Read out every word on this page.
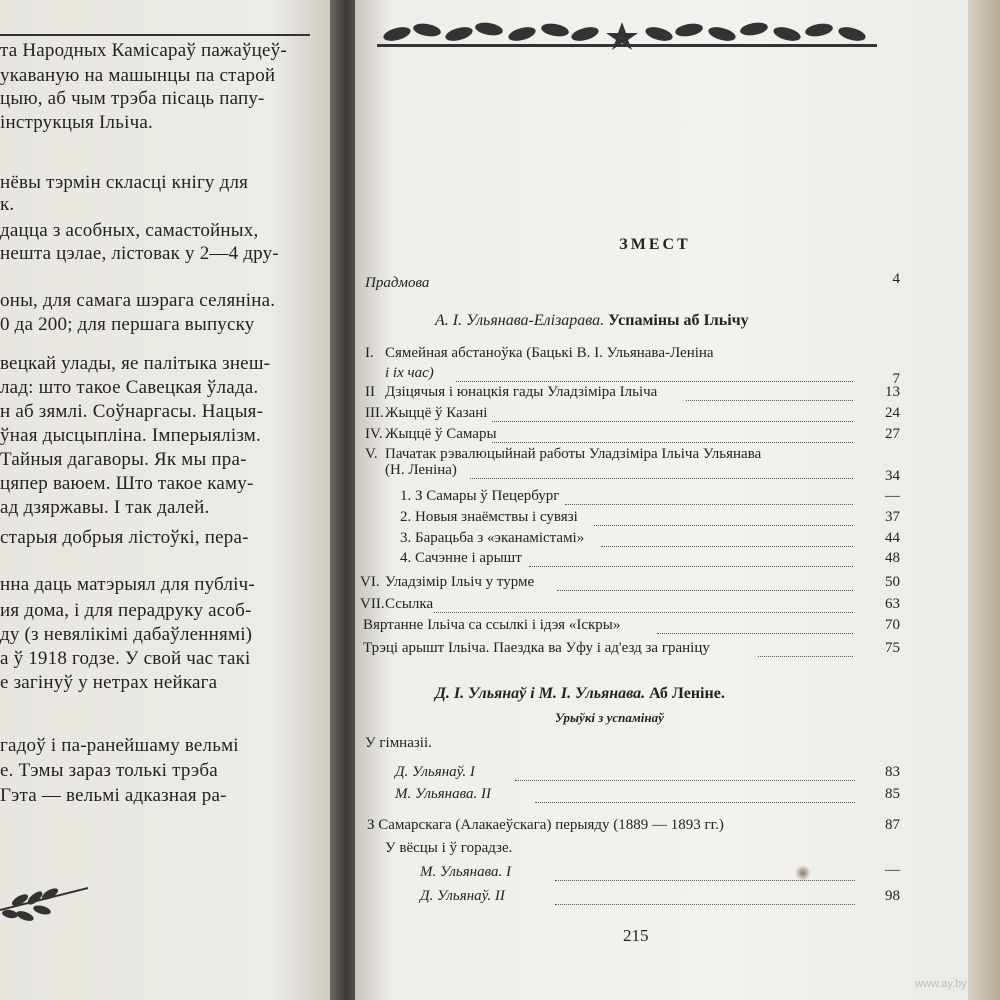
та Народных Камісараў пажаўцеў-
укаваную на машынцы па старой
цыю, аб чым трэба пісаць папу-
інструкцыя Ільіча.
нёвы тэрмін скласці кнігу для
к.
дацца з асобных, самастойных,
нешта цэлае, лістовак у 2—4 дру-
оны, для самага шэрага селяніна.
0 да 200; для першага выпуску
вецкай улады, яе палітыка знеш-
лад: што такое Савецкая ўлада.
н аб зямлі. Соўнаргасы. Нацыя-
ўная дысцыпліна. Імперыялізм.
Тайныя дагаворы. Як мы пра-
цяпер ваюем. Што такое каму-
ад дзяржавы. І так далей.
старыя добрыя лістоўкі, пера-
нна даць матэрыял для публіч-
ия дома, і для перадруку асоб-
ду (з невялікімі дабаўленнямі)
а ў 1918 годзе. У свой час такі
е загінуў у нетрах нейкага
гадоў і па-ранейшаму вельмі
е. Тэмы зараз толькі трэба
Гэта — вельмі адказная ра-
ЗМЕСТ
Прадмова	4
А. І. Ульянава-Елізарава. Успаміны аб Ільічу
I. Сямейная абстаноўка (Бацькі В. І. Ульянава-Леніна
і іх час)	7
II Дзіцячыя і юнацкія гады Уладзіміра Ільіча	13
III. Жыццё ў Казані	24
IV. Жыццё ў Самары	27
V. Пачатак рэвалюцыйнай работы Уладзіміра Ільіча Ульянава
(Н. Леніна)	34
1. З Самары ў Пецербург	—
2. Новыя знаёмствы і сувязі	37
3. Барацьба з «эканамістамі»	44
4. Сачэнне і арышт	48
VI. Уладзімір Ільіч у турме	50
VII. Ссылка	63
Вяртанне Ільіча са ссылкі і ідэя «Іскры»	70
Трэці арышт Ільіча. Паездка ва Уфу і ад'езд за граніцу	75
Д. І. Ульянаў і М. І. Ульянава. Аб Леніне.
Урыўкі з успамінаў
У гімназіі.
Д. Ульянаў. I	83
М. Ульянава. II	85
З Самарскага (Алакаеўскага) перыяду (1889 — 1893 гг.)	87
У вёсцы і ў горадзе.
М. Ульянава. I	—
Д. Ульянаў. II	98
215
www.ay.by
